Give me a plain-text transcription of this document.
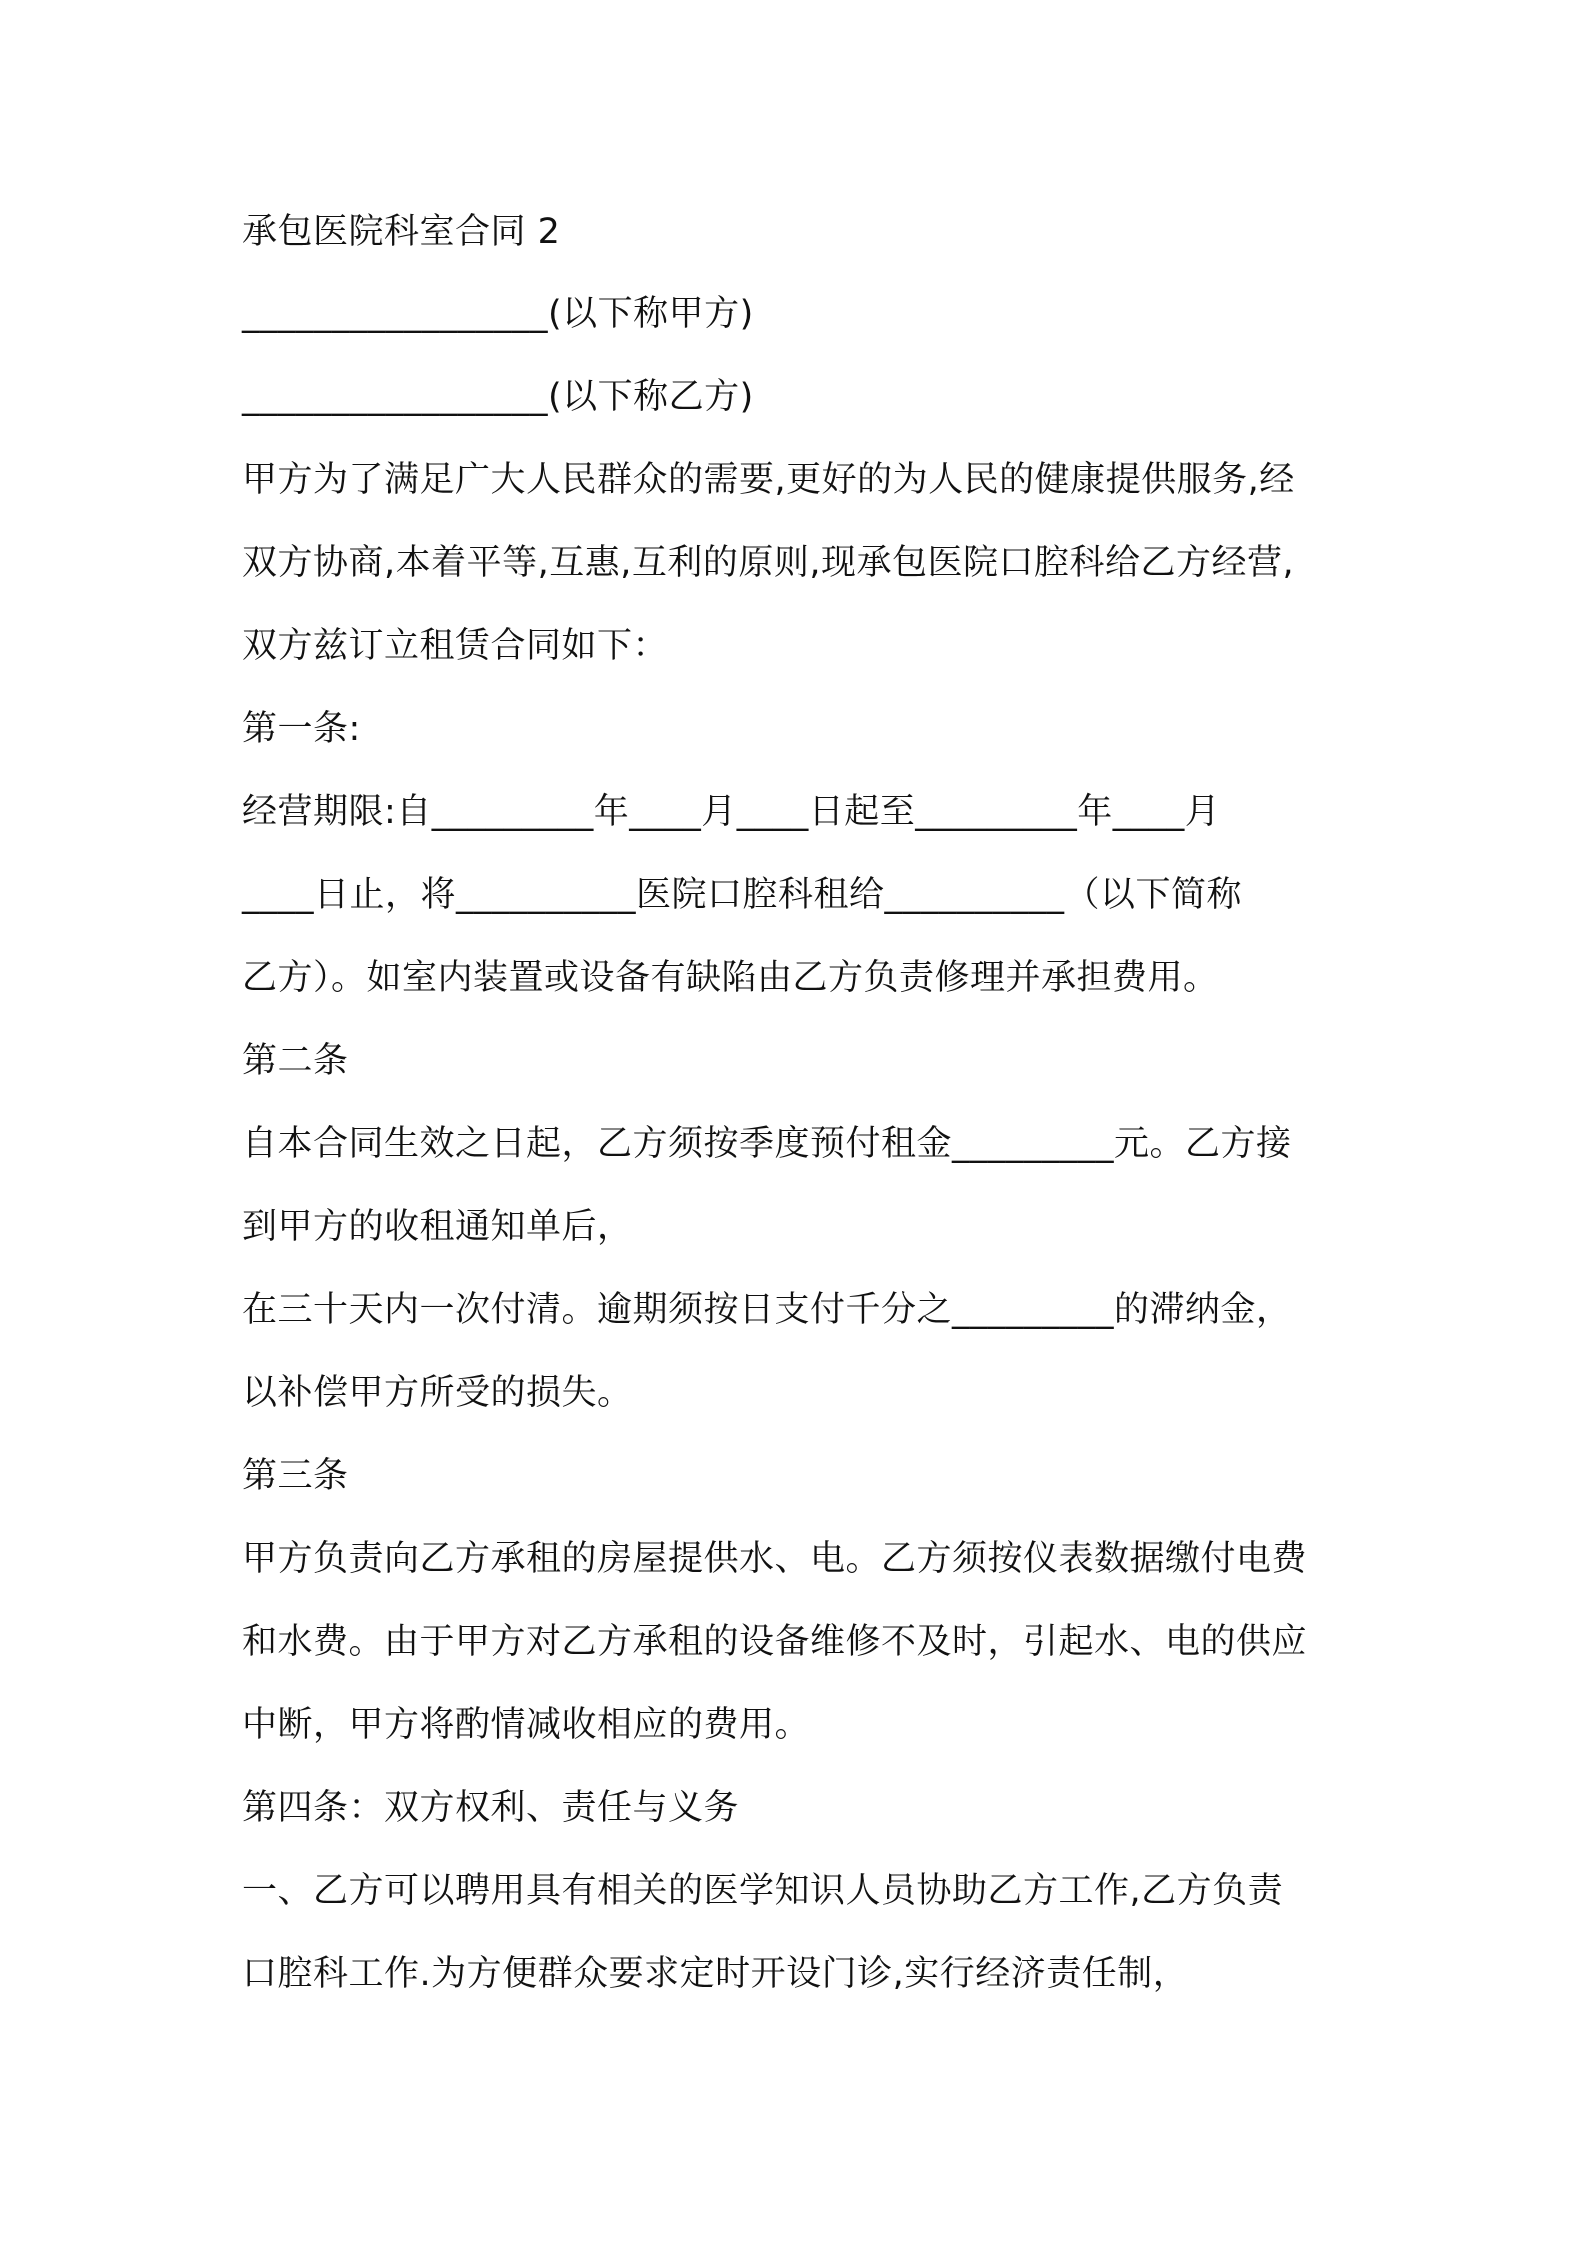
承包医院科室合同 2

_________________(以下称甲方)

_________________(以下称乙方)

甲方为了满足广大人民群众的需要,更好的为人民的健康提供服务,经

双方协商,本着平等,互惠,互利的原则,现承包医院口腔科给乙方经营,

双方兹订立租赁合同如下：

第一条:

经营期限:自_________年____月____日起至_________年____月

____日止，将__________医院口腔科租给__________（以下简称

乙方）。如室内装置或设备有缺陷由乙方负责修理并承担费用。

第二条

自本合同生效之日起，乙方须按季度预付租金_________元。乙方接

到甲方的收租通知单后，

在三十天内一次付清。逾期须按日支付千分之_________的滞纳金，

以补偿甲方所受的损失。

第三条

甲方负责向乙方承租的房屋提供水、电。乙方须按仪表数据缴付电费

和水费。由于甲方对乙方承租的设备维修不及时，引起水、电的供应

中断，甲方将酌情减收相应的费用。

第四条：双方权利、责任与义务

一、乙方可以聘用具有相关的医学知识人员协助乙方工作,乙方负责

口腔科工作.为方便群众要求定时开设门诊,实行经济责任制，
